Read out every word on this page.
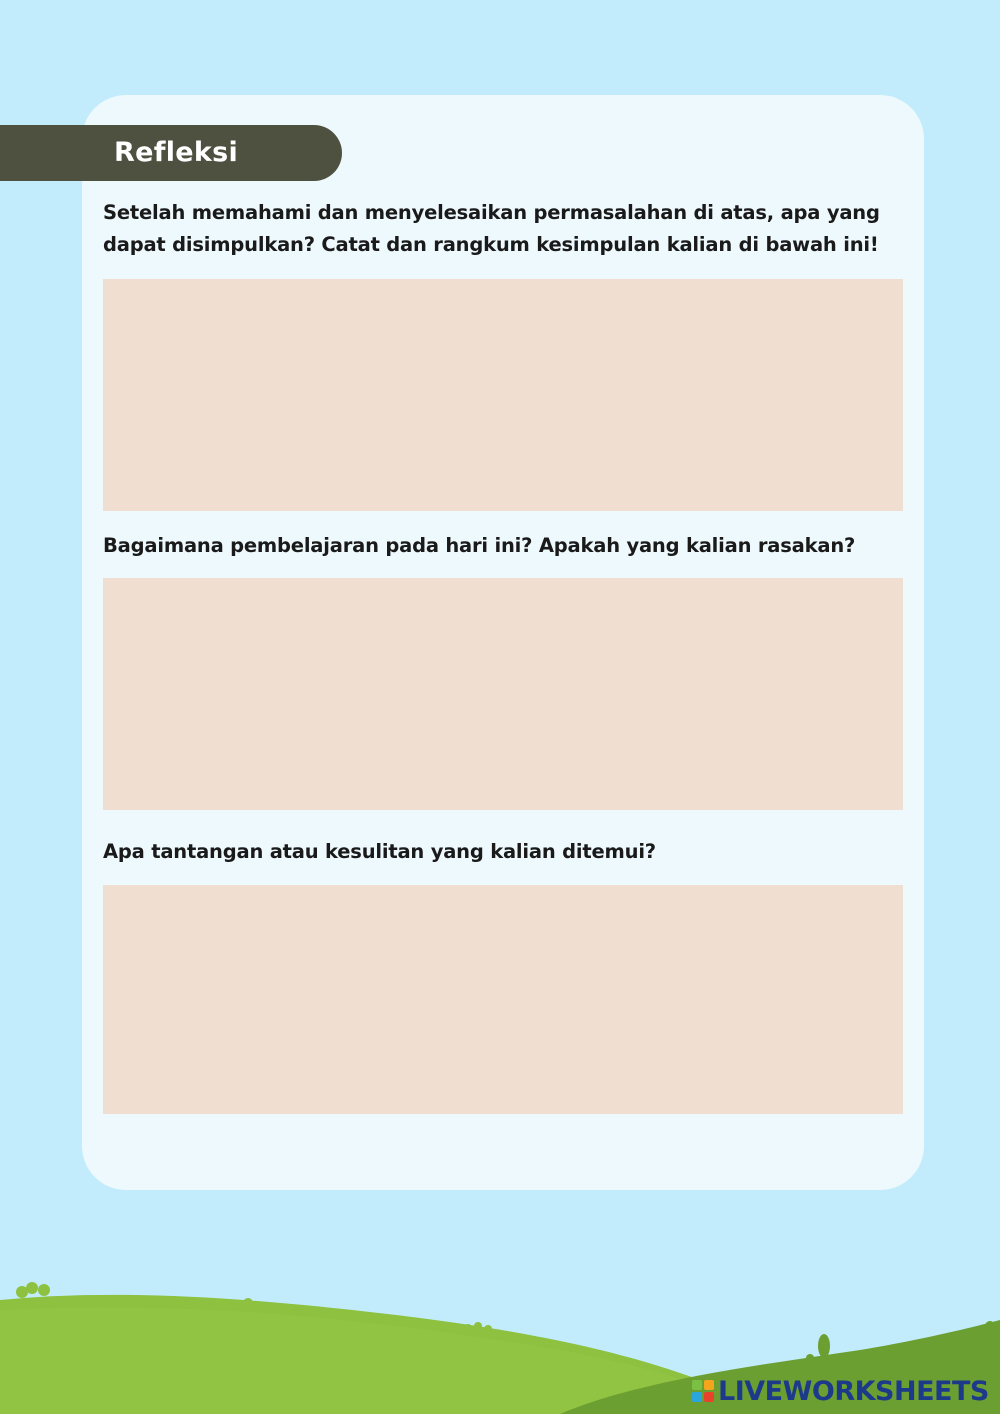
Refleksi
Setelah memahami dan menyelesaikan permasalahan di atas, apa yang
dapat disimpulkan? Catat dan rangkum kesimpulan kalian di bawah ini!
Bagaimana pembelajaran pada hari ini? Apakah yang kalian rasakan?
Apa tantangan atau kesulitan yang kalian ditemui?
LIVEWORKSHEETS
